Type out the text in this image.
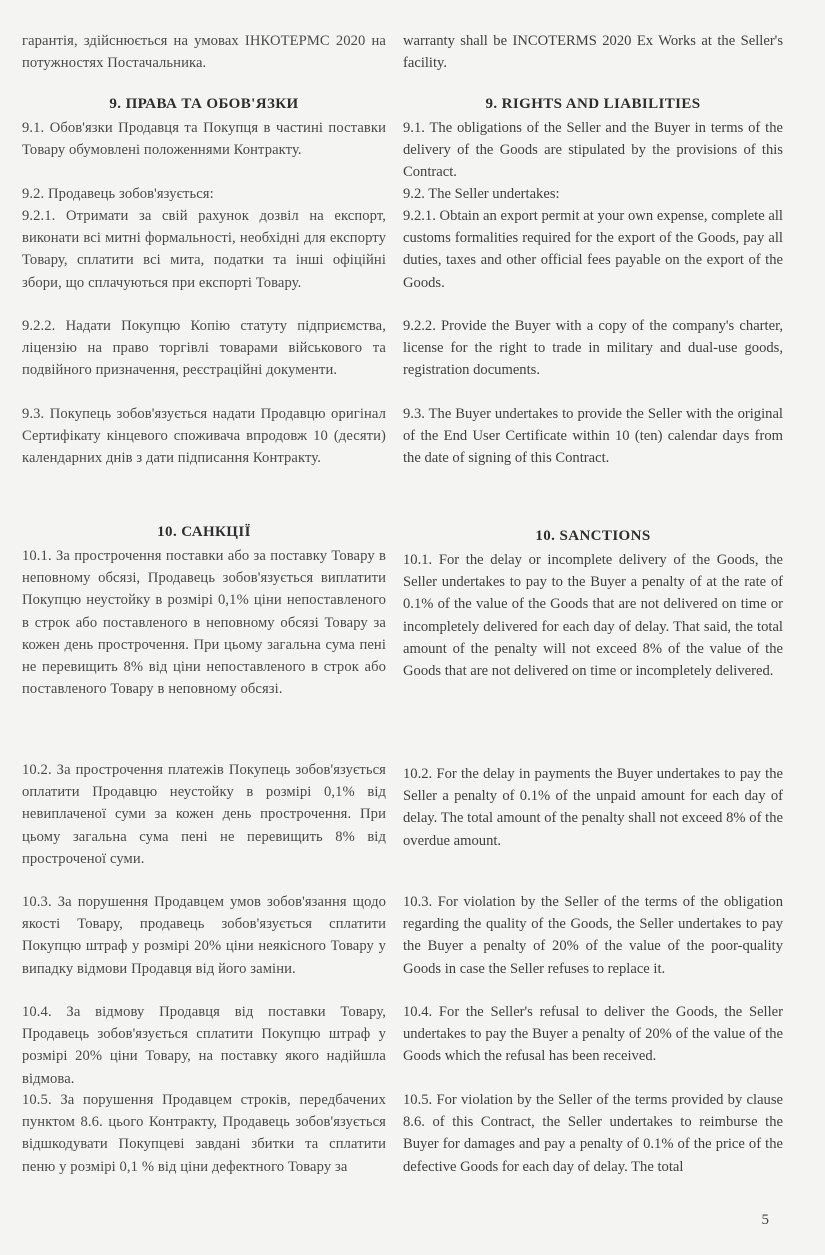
гарантія, здійснюється на умовах ІНКОТЕРМС 2020 на потужностях Постачальника.

9. ПРАВА ТА ОБОВ'ЯЗКИ

9.1. Обов'язки Продавця та Покупця в частині поставки Товару обумовлені положеннями Контракту.

9.2. Продавець зобов'язується:

9.2.1. Отримати за свій рахунок дозвіл на експорт, виконати всі митні формальності, необхідні для експорту Товару, сплатити всі мита, податки та інші офіційні збори, що сплачуються при експорті Товару.

9.2.2. Надати Покупцю Копію статуту підприємства, ліцензію на право торгівлі товарами військового та подвійного призначення, реєстраційні документи.

9.3. Покупець зобов'язується надати Продавцю оригінал Сертифікату кінцевого споживача впродовж 10 (десяти) календарних днів з дати підписання Контракту.

10. САНКЦІЇ

10.1. За прострочення поставки або за поставку Товару в неповному обсязі, Продавець зобов'язується виплатити Покупцю неустойку в розмірі 0,1% ціни непоставленого в строк або поставленого в неповному обсязі Товару за кожен день прострочення. При цьому загальна сума пені не перевищить 8% від ціни непоставленого в строк або поставленого Товару в неповному обсязі.

10.2. За прострочення платежів Покупець зобов'язується оплатити Продавцю неустойку в розмірі 0,1% від невиплаченої суми за кожен день прострочення. При цьому загальна сума пені не перевищить 8% від простроченої суми.

10.3. За порушення Продавцем умов зобов'язання щодо якості Товару, продавець зобов'язується сплатити Покупцю штраф у розмірі 20% ціни неякісного Товару у випадку відмови Продавця від його заміни.

10.4. За відмову Продавця від поставки Товару, Продавець зобов'язується сплатити Покупцю штраф у розмірі 20% ціни Товару, на поставку якого надійшла відмова.

10.5. За порушення Продавцем строків, передбачених пунктом 8.6. цього Контракту, Продавець зобов'язується відшкодувати Покупцеві завдані збитки та сплатити пеню у розмірі 0,1 % від ціни дефектного Товару за

warranty shall be INCOTERMS 2020 Ex Works at the Seller's facility.

9. RIGHTS AND LIABILITIES

9.1. The obligations of the Seller and the Buyer in terms of the delivery of the Goods are stipulated by the provisions of this Contract.

9.2. The Seller undertakes:

9.2.1. Obtain an export permit at your own expense, complete all customs formalities required for the export of the Goods, pay all duties, taxes and other official fees payable on the export of the Goods.

9.2.2. Provide the Buyer with a copy of the company's charter, license for the right to trade in military and dual-use goods, registration documents.

9.3. The Buyer undertakes to provide the Seller with the original of the End User Certificate within 10 (ten) calendar days from the date of signing of this Contract.

10. SANCTIONS

10.1. For the delay or incomplete delivery of the Goods, the Seller undertakes to pay to the Buyer a penalty of at the rate of 0.1% of the value of the Goods that are not delivered on time or incompletely delivered for each day of delay. That said, the total amount of the penalty will not exceed 8% of the value of the Goods that are not delivered on time or incompletely delivered.

10.2. For the delay in payments the Buyer undertakes to pay the Seller a penalty of 0.1% of the unpaid amount for each day of delay. The total amount of the penalty shall not exceed 8% of the overdue amount.

10.3. For violation by the Seller of the terms of the obligation regarding the quality of the Goods, the Seller undertakes to pay the Buyer a penalty of 20% of the value of the poor-quality Goods in case the Seller refuses to replace it.

10.4. For the Seller's refusal to deliver the Goods, the Seller undertakes to pay the Buyer a penalty of 20% of the value of the Goods which the refusal has been received.

10.5. For violation by the Seller of the terms provided by clause 8.6. of this Contract, the Seller undertakes to reimburse the Buyer for damages and pay a penalty of 0.1% of the price of the defective Goods for each day of delay. The total

5
